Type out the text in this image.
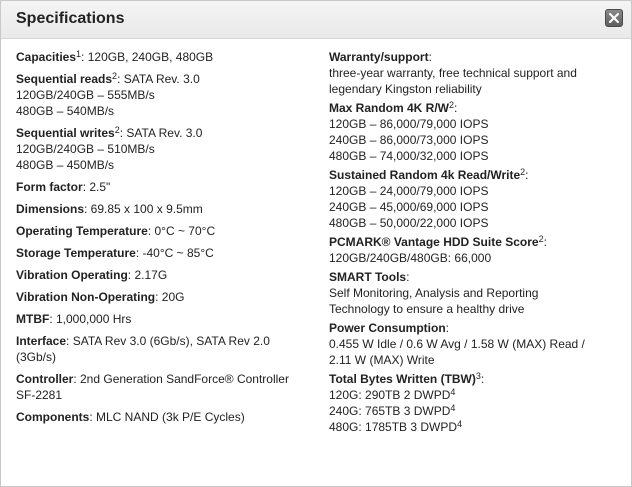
Specifications
Capacities$^1$: 120GB, 240GB, 480GB
Sequential reads$^2$: SATA Rev. 3.0
120GB/240GB – 555MB/s
480GB – 540MB/s
Sequential writes$^2$: SATA Rev. 3.0
120GB/240GB – 510MB/s
480GB – 450MB/s
Form factor: 2.5"
Dimensions: 69.85 x 100 x 9.5mm
Operating Temperature: 0°C ~ 70°C
Storage Temperature: -40°C ~ 85°C
Vibration Operating: 2.17G
Vibration Non-Operating: 20G
MTBF: 1,000,000 Hrs
Interface: SATA Rev 3.0 (6Gb/s), SATA Rev 2.0
(3Gb/s)
Controller: 2nd Generation SandForce® Controller
SF-2281
Components: MLC NAND (3k P/E Cycles)
Warranty/support:
three-year warranty, free technical support and
legendary Kingston reliability
Max Random 4K $R/W^2$:
120GB – 86,000/79,000 IOPS
240GB – 86,000/73,000 IOPS
480GB – 74,000/32,000 IOPS
Sustained Random 4k Read/Write$^2$:
120GB – 24,000/79,000 IOPS
240GB – 45,000/69,000 IOPS
480GB – 50,000/22,000 IOPS
PCMARK® Vantage HDD Suite Score$^2$:
120GB/240GB/480GB: 66,000
SMART Tools:
Self Monitoring, Analysis and Reporting
Technology to ensure a healthy drive
Power Consumption:
0.455 W Idle / 0.6 W Avg / 1.58 W (MAX) Read /
2.11 W (MAX) Write
Total Bytes Written (TBW)$^3$:
120G: 290TB 2 DWPD$^4$
240G: 765TB 3 DWPD$^4$
480G: 1785TB 3 DWPD$^4$
